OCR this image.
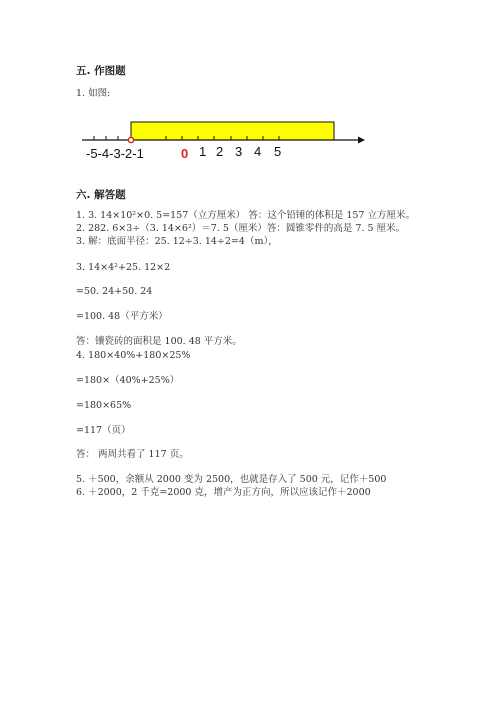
五. 作图题
1. 如图:
-5-4-3-2-1	0 1 2 3 4 5
六. 解答题
1. 3. 14×10²×0. 5=157（立方厘米） 答：这个铅锤的体积是 157 立方厘米。
2. 282. 6×3÷（3. 14×6²）＝7. 5（厘米）答：圆锥零件的高是 7. 5 厘米。
3. 解：底面半径：25. 12÷3. 14÷2=4（m），
3. 14×4²+25. 12×2
=50. 24+50. 24
=100. 48（平方米）
答：镶瓷砖的面积是 100. 48 平方米。
4. 180×40%+180×25%
=180×（40%+25%）
=180×65%
=117（页）
答： 两周共看了 117 页。
5. ＋500，余额从 2000 变为 2500，也就是存入了 500 元，记作＋500
6. ＋2000，2 千克=2000 克，增产为正方向，所以应该记作＋2000
